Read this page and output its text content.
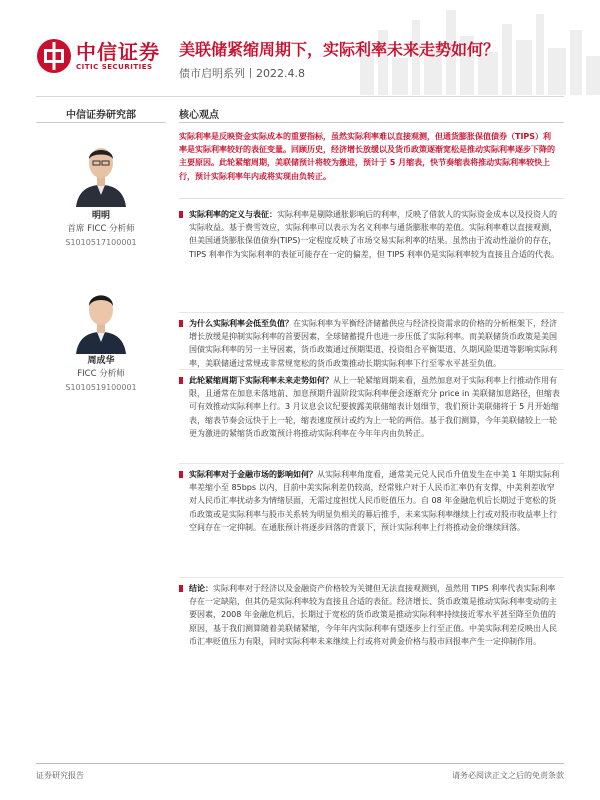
中信证券
CITIC SECURITIES
美联储紧缩周期下，实际利率未来走势如何？
债市启明系列丨2022.4.8
中信证券研究部
明明
首席 FICC 分析师
S1010517100001
周成华
FICC 分析师
S1010519100001
核心观点

实际利率是反映资金实际成本的重要指标，虽然实际利率难以直接观测，但通货膨胀保值债券（TIPS）利率是实际利率较好的表征变量。回顾历史，经济增长放缓以及货币政策逐渐宽松是推动实际利率逐步下降的主要原因。此轮紧缩周期，美联储预计将较为激进，预计于 5 月缩表，快节奏缩表将推动实际利率较快上行，预计实际利率年内或将实现由负转正。

实际利率的定义与表征：实际利率是剔除通胀影响后的利率，反映了借款人的实际资金成本以及投资人的实际收益。基于费雪效应，实际利率可以表示为名义利率与通货膨胀率的差值。实际利率难以直接观测，但美国通货膨胀保值债券(TIPS)一定程度反映了市场交易实际利率的结果。虽然由于流动性溢价的存在，TIPS 利率作为实际利率的表征可能存在一定的偏差，但 TIPS 利率仍是实际利率较为直接且合适的代表。

为什么实际利率会低至负值？在实际利率为平衡经济储蓄供应与经济投资需求的价格的分析框架下，经济增长放缓是抑制实际利率的首要因素，全球储蓄提升也进一步压低了实际利率。而美联储货币政策是美国国债实际利率的另一主导因素，货币政策通过预期渠道、投资组合平衡渠道、久期风险渠道等影响实际利率，美联储通过常规或非常规宽松的货币政策推动长期实际利率下行至零水平甚至负值。

此轮紧缩周期下实际利率未来走势如何？从上一轮紧缩周期来看，虽然加息对于实际利率上行推动作用有限，且通常在加息未落地前、加息预期升温阶段实际利率便会逐渐充分 price in 美联储加息路径，但缩表可有效推动实际利率上行。3 月议息会议纪要披露美联储缩表计划细节，我们预计美联储将于 5 月开始缩表，缩表节奏会远快于上一轮，缩表速度预计或约为上一轮的两倍。基于我们测算，今年美联储较上一轮更为激进的紧缩货币政策预计将推动实际利率在今年年内由负转正。

实际利率对于金融市场的影响如何？从实际利率角度看，通常美元兑人民币升值发生在中美 1 年期实际利率差缩小至 85bps 以内，目前中美实际利差仍较高，经常账户对于人民币汇率仍有支撑，中美利差收窄对人民币汇率扰动多为情绪层面，无需过度担忧人民币贬值压力。自 08 年金融危机后长期过于宽松的货币政策或是实际利率与股市关系转为明显负相关的幕后推手，未来实际利率继续上行或对股市收益率上行空间存在一定抑制。在通胀预计将逐步回落的背景下，预计实际利率上行将推动金价继续回落。

结论：实际利率对于经济以及金融资产价格较为关键但无法直接观测到，虽然用 TIPS 利率代表实际利率存在一定缺陷，但其仍是实际利率较为直接且合适的表征。经济增长、货币政策是推动实际利率变动的主要因素，2008 年金融危机后，长期过于宽松的货币政策是推动实际利率持续接近零水平甚至降至负值的原因，基于我们测算随着美联储紧缩，今年年内实际利率有望逐步上行至正值。中美实际利差反映出人民币汇率贬值压力有限，同时实际利率未来继续上行或将对黄金价格与股市回报率产生一定抑制作用。

证券研究报告	请务必阅读正文之后的免责条款
